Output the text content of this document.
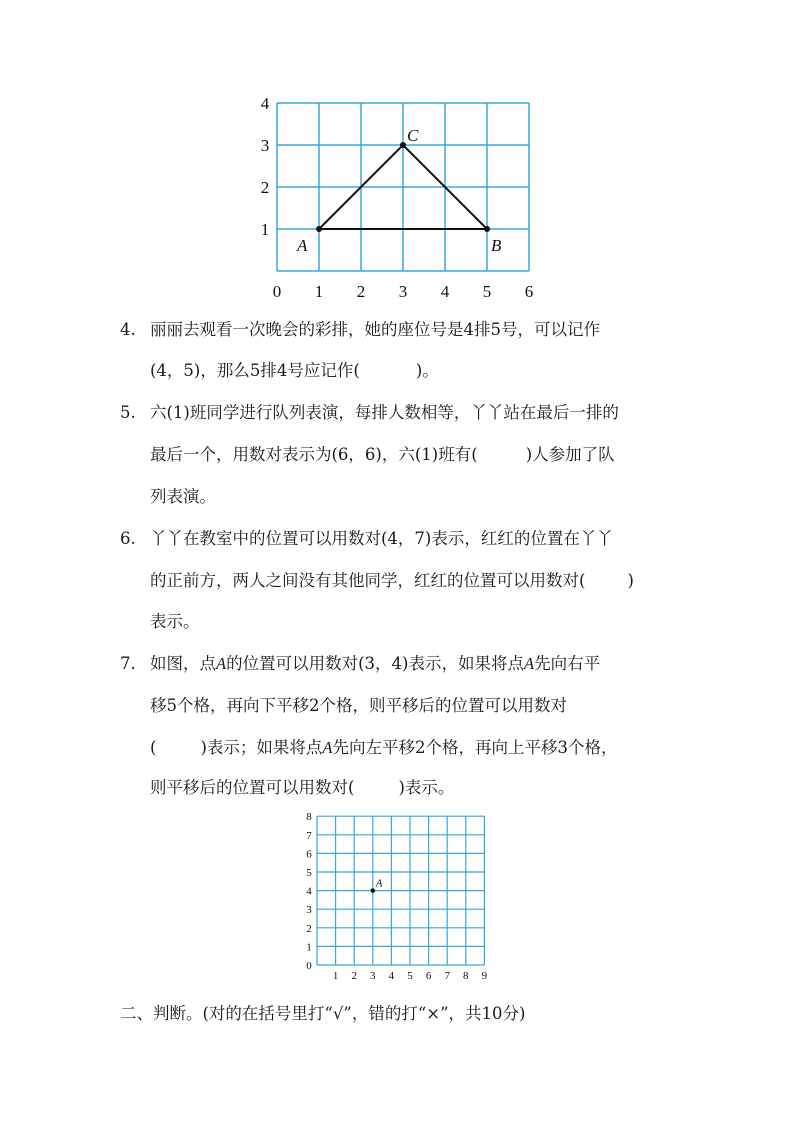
A	B
C
0 1 2 3 4 5 6
1
2
3
4
4. 丽丽去观看一次晚会的彩排，她的座位号是4排5号，可以记作
(4，5)，那么5排4号应记作(	)。
5. 六(1)班同学进行队列表演，每排人数相等，丫丫站在最后一排的
最后一个，用数对表示为(6，6)，六(1)班有(	)人参加了队
列表演。
6. 丫丫在教室中的位置可以用数对(4，7)表示，红红的位置在丫丫
的正前方，两人之间没有其他同学，红红的位置可以用数对(	)
表示。
7. 如图，点A的位置可以用数对(3，4)表示，如果将点A先向右平
移5个格，再向下平移2个格，则平移后的位置可以用数对
(	)表示；如果将点A先向左平移2个格，再向上平移3个格，
则平移后的位置可以用数对(	)表示。
A
1 2 3 4 5 6 7 8 9
0
1
2
3
4
5
6
7
8
二、判断。(对的在括号里打“√”，错的打“×”，共10分)
